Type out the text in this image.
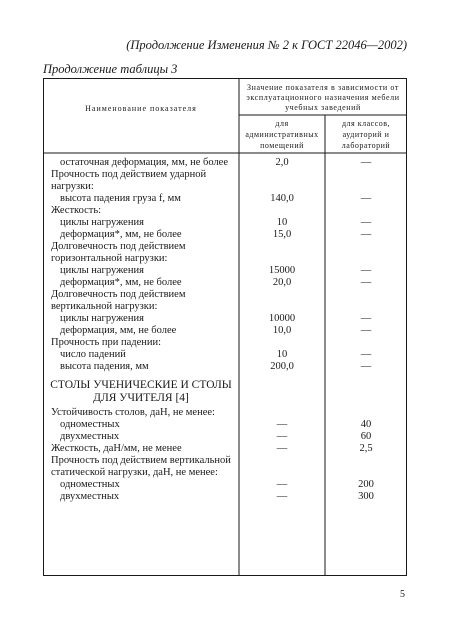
(Продолжение Изменения № 2 к ГОСТ 22046—2002)
Продолжение таблицы 3
Наименование показателя
Значение показателя в зависимости от эксплуатационного назначения мебели учебных заведений
для административных помещений
для классов, аудиторий и лабораторий
остаточная деформация, мм, не более	2,0	—
Прочность под действием ударной нагрузки:
высота падения груза f, мм	140,0	—
Жесткость:
циклы нагружения	10	—
деформация*, мм, не более	15,0	—
Долговечность под действием горизонтальной нагрузки:
циклы нагружения	15000	—
деформация*, мм, не более	20,0	—
Долговечность под действием вертикальной нагрузки:
циклы нагружения	10000	—
деформация, мм, не более	10,0	—
Прочность при падении:
число падений	10	—
высота падения, мм	200,0	—
СТОЛЫ УЧЕНИЧЕСКИЕ И СТОЛЫ ДЛЯ УЧИТЕЛЯ [4]
Устойчивость столов, даН, не менее:
одноместных	—	40
двухместных	—	60
Жесткость, даН/мм, не менее	—	2,5
Прочность под действием вертикальной статической нагрузки, даН, не менее:
одноместных	—	200
двухместных	—	300
5
